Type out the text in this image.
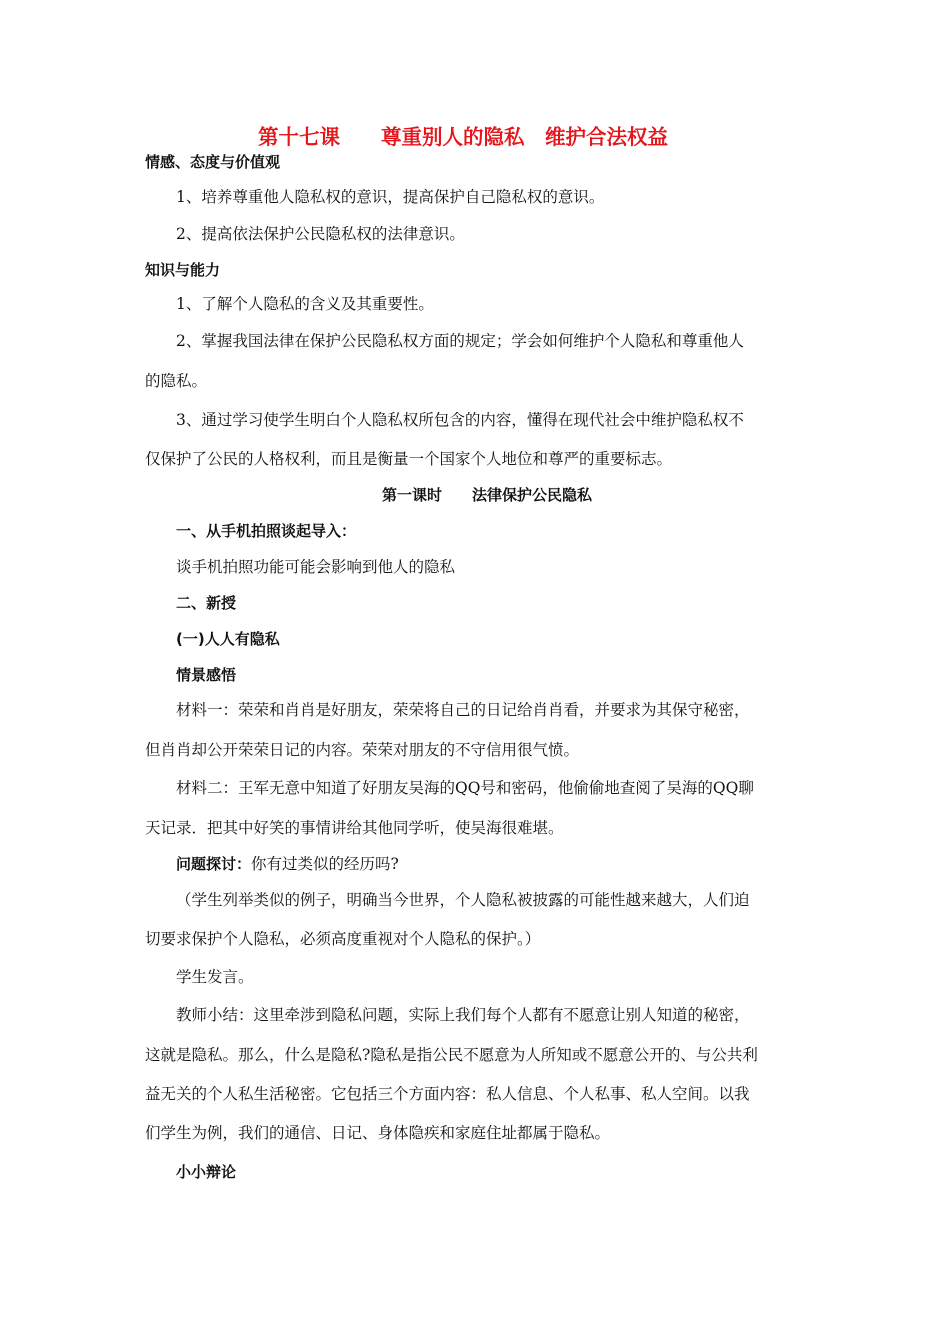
第十七课　　尊重别人的隐私　维护合法权益
情感、态度与价值观
1、培养尊重他人隐私权的意识，提高保护自己隐私权的意识。
2、提高依法保护公民隐私权的法律意识。
知识与能力
1、了解个人隐私的含义及其重要性。
2、掌握我国法律在保护公民隐私权方面的规定；学会如何维护个人隐私和尊重他人
的隐私。
3、通过学习使学生明白个人隐私权所包含的内容，懂得在现代社会中维护隐私权不
仅保护了公民的人格权利，而且是衡量一个国家个人地位和尊严的重要标志。
第一课时　　法律保护公民隐私
一、从手机拍照谈起导入：
谈手机拍照功能可能会影响到他人的隐私
二、新授
(一)人人有隐私
情景感悟
材料一：荣荣和肖肖是好朋友，荣荣将自己的日记给肖肖看，并要求为其保守秘密，
但肖肖却公开荣荣日记的内容。荣荣对朋友的不守信用很气愤。
材料二：王军无意中知道了好朋友吴海的QQ号和密码，他偷偷地查阅了吴海的QQ聊
天记录．把其中好笑的事情讲给其他同学听，使吴海很难堪。
问题探讨：你有过类似的经历吗?
（学生列举类似的例子，明确当今世界，个人隐私被披露的可能性越来越大，人们迫
切要求保护个人隐私，必须高度重视对个人隐私的保护。）
学生发言。
教师小结：这里牵涉到隐私问题，实际上我们每个人都有不愿意让别人知道的秘密，
这就是隐私。那么，什么是隐私?隐私是指公民不愿意为人所知或不愿意公开的、与公共利
益无关的个人私生活秘密。它包括三个方面内容：私人信息、个人私事、私人空间。以我
们学生为例，我们的通信、日记、身体隐疾和家庭住址都属于隐私。
小小辩论
